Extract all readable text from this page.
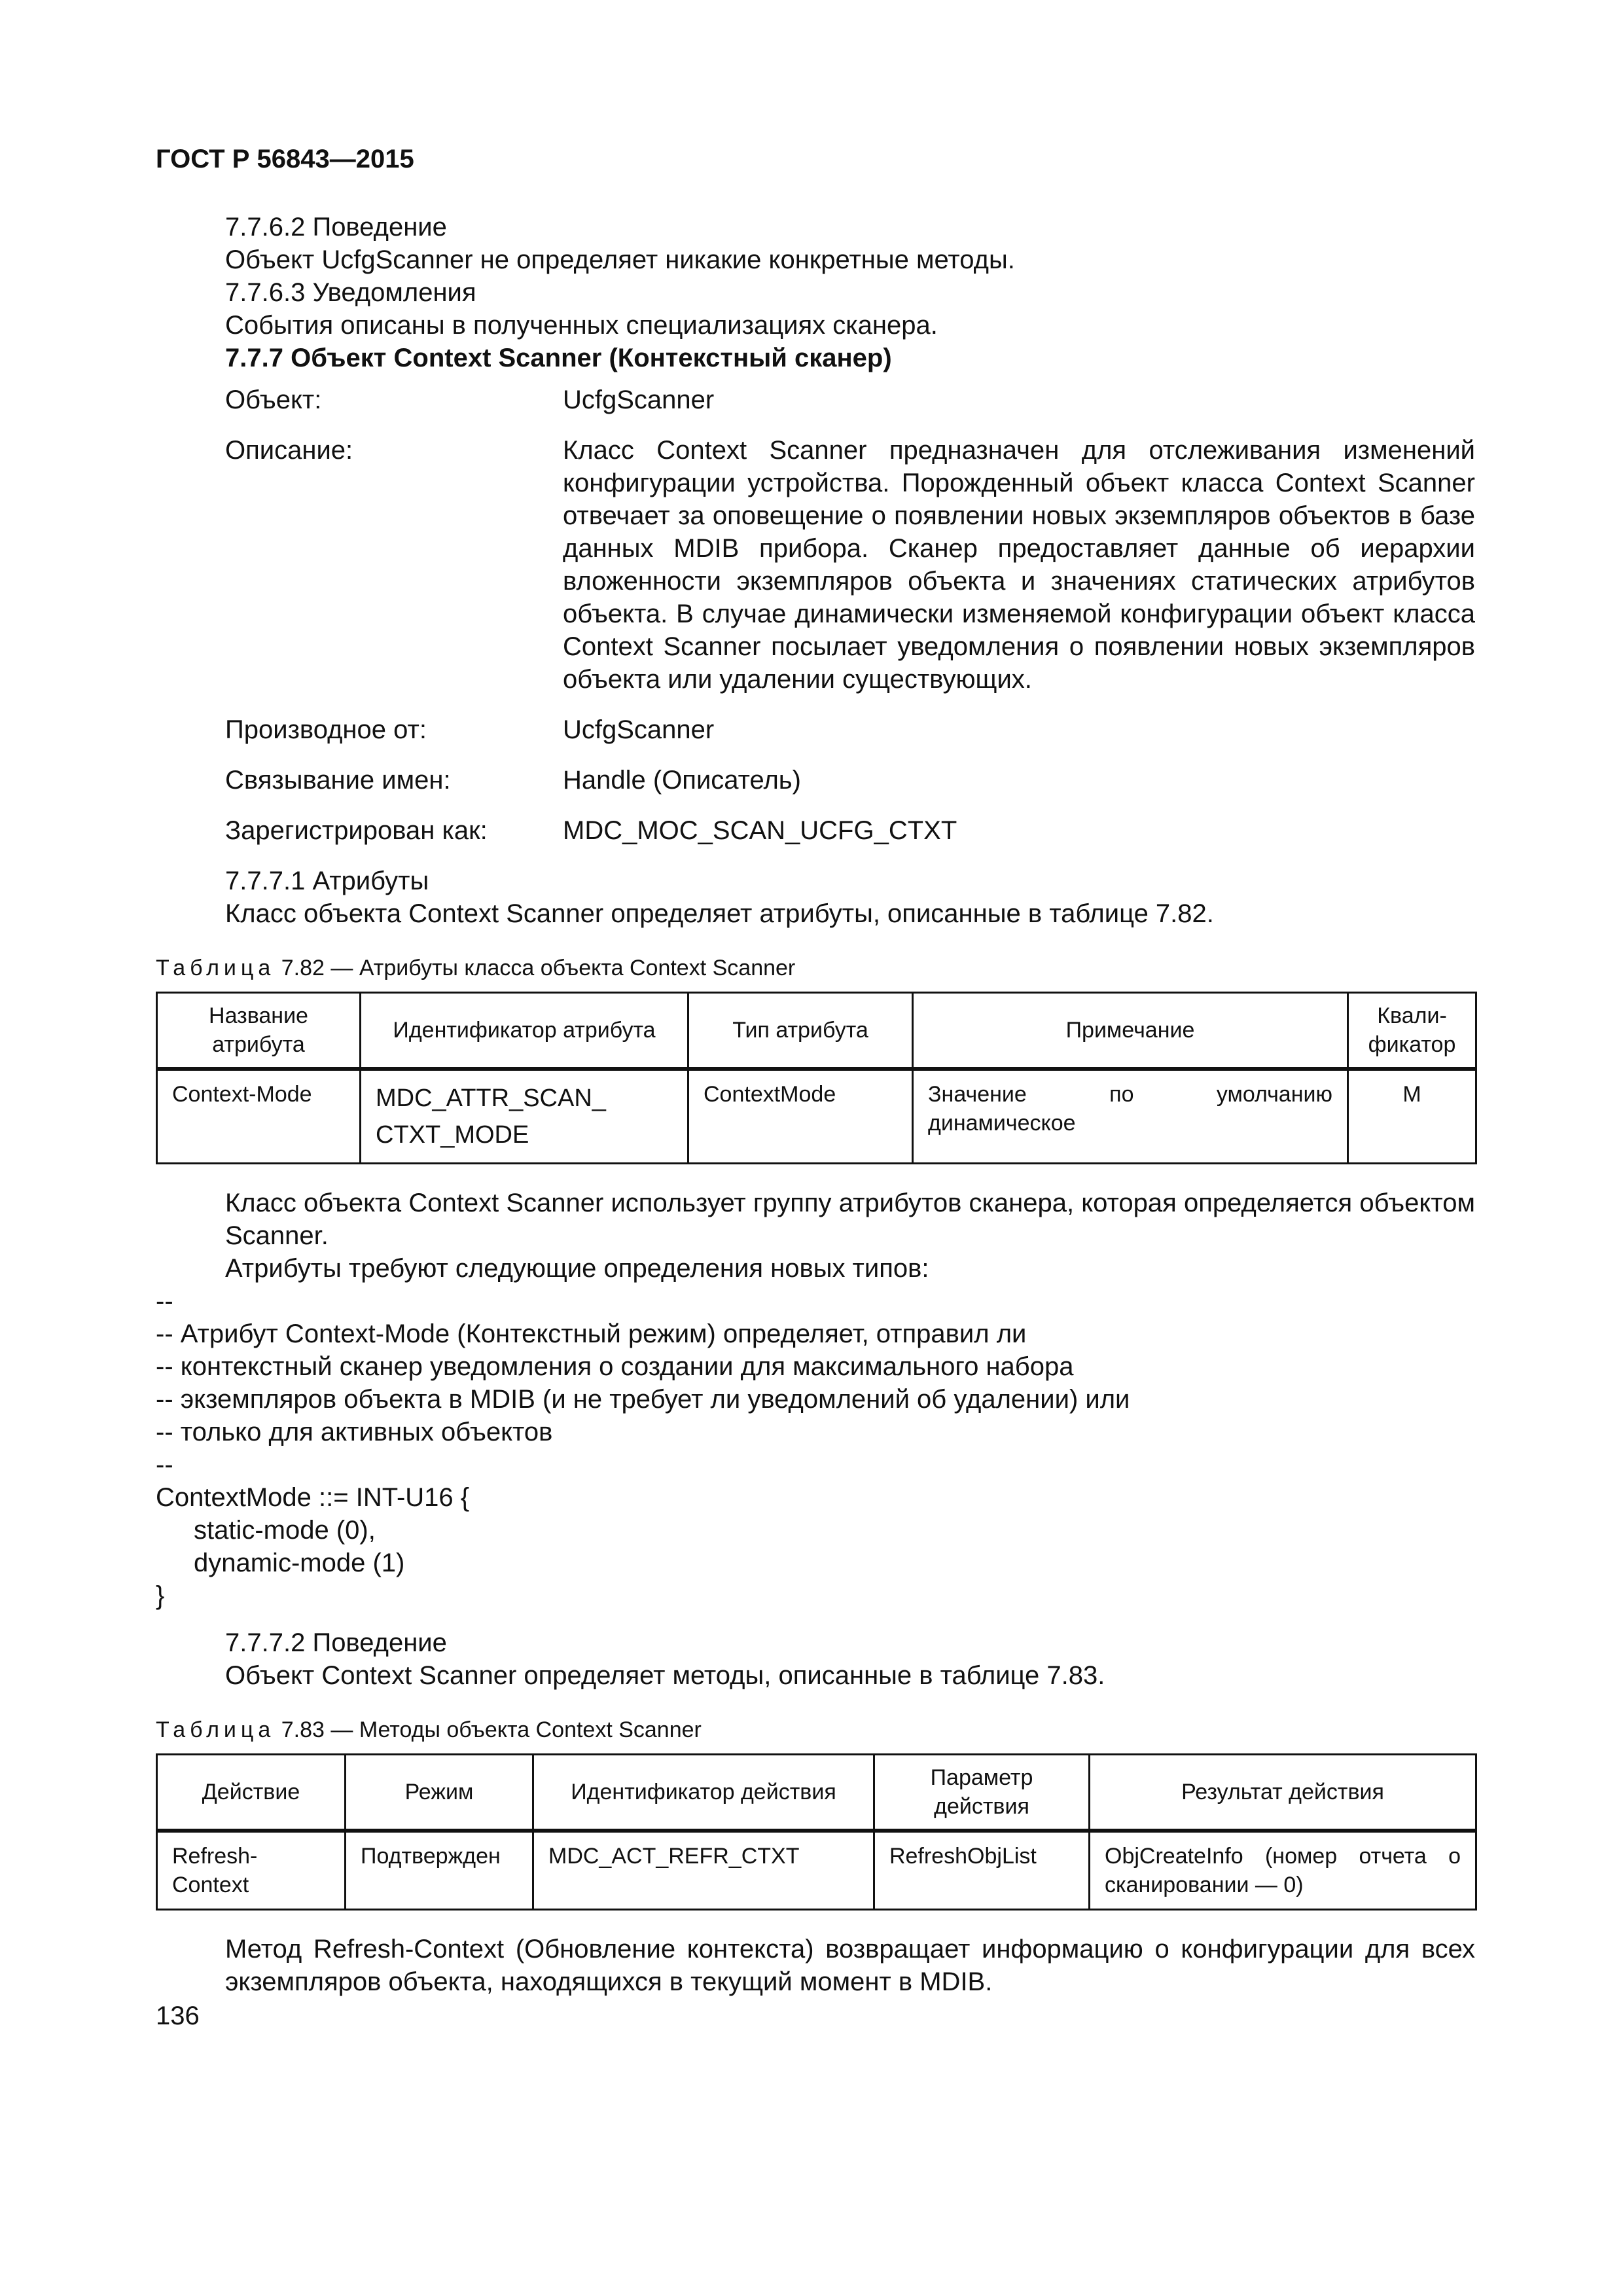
ГОСТ Р 56843—2015

7.7.6.2 Поведение

Объект UcfgScanner не определяет никакие конкретные методы.

7.7.6.3 Уведомления

События описаны в полученных специализациях сканера.

7.7.7 Объект Context Scanner (Контекстный сканер)

Объект:	UcfgScanner
Описание:	Класс Context Scanner предназначен для отслеживания изменений конфигурации устройства. Порожденный объект класса Context Scanner отвечает за оповещение о появлении новых экземпляров объектов в базе данных MDIB прибора. Сканер предоставляет данные об иерархии вложенности экземпляров объекта и значениях статических атрибутов объекта. В случае динамически изменяемой конфигурации объект класса Context Scanner посылает уведомления о появлении новых экземпляров объекта или удалении существующих.
Производное от:	UcfgScanner
Связывание имен:	Handle (Описатель)
Зарегистрирован как:	MDC_MOC_SCAN_UCFG_CTXT

7.7.7.1 Атрибуты

Класс объекта Context Scanner определяет атрибуты, описанные в таблице 7.82.

Таблица 7.82 — Атрибуты класса объекта Context Scanner
Название атрибута	Идентификатор атрибута	Тип атрибута	Примечание	Квали-фикатор
Context-Mode	MDC_ATTR_SCAN_ CTXT_MODE	ContextMode	Значение по умолчанию динамическое	M

Класс объекта Context Scanner использует группу атрибутов сканера, которая определяется объектом Scanner.

Атрибуты требуют следующие определения новых типов:

--
-- Атрибут Context-Mode (Контекстный режим) определяет, отправил ли
-- контекстный сканер уведомления о создании для максимального набора
-- экземпляров объекта в MDIB (и не требует ли уведомлений об удалении) или
-- только для активных объектов
--
ContextMode ::= INT-U16 {
static-mode (0),
dynamic-mode (1)
}

7.7.7.2 Поведение

Объект Context Scanner определяет методы, описанные в таблице 7.83.

Таблица 7.83 — Методы объекта Context Scanner
Действие	Режим	Идентификатор действия	Параметр действия	Результат действия
Refresh-Context	Подтвержден	MDC_ACT_REFR_CTXT	RefreshObjList	ObjCreateInfo (номер отчета о сканировании — 0)

Метод Refresh-Context (Обновление контекста) возвращает информацию о конфигурации для всех экземпляров объекта, находящихся в текущий момент в MDIB.

136
